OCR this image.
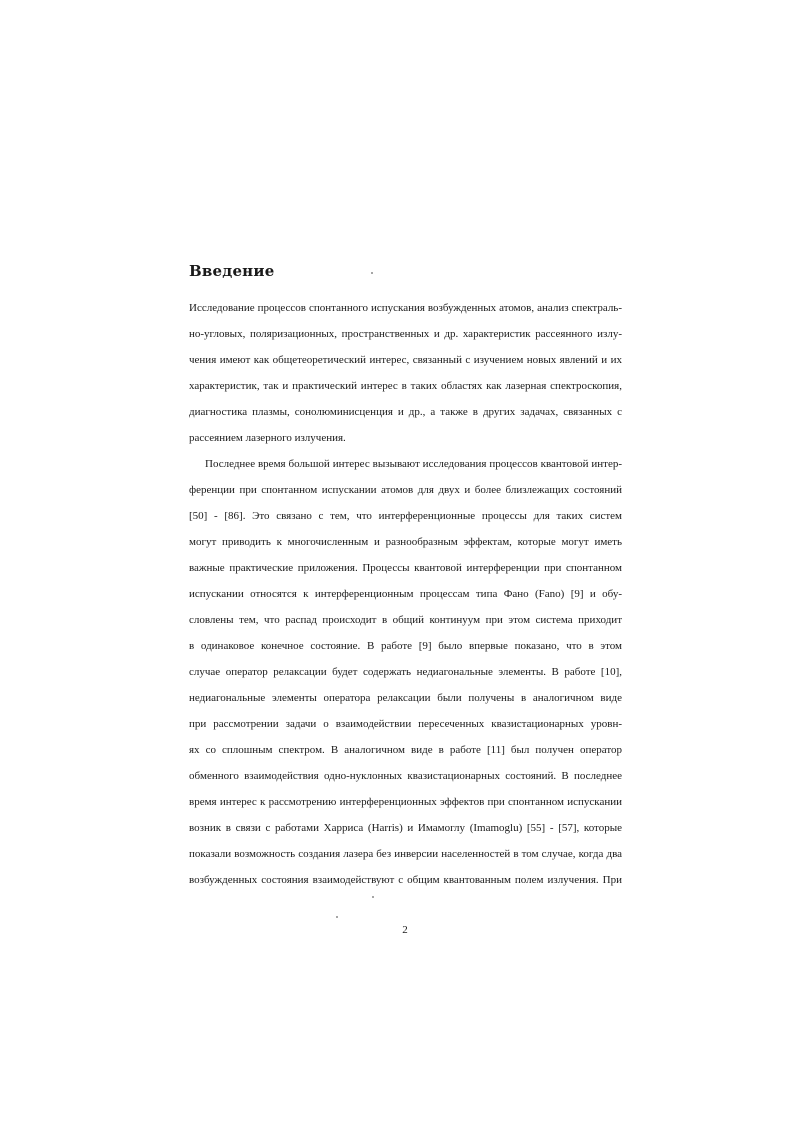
Введение
Исследование процессов спонтанного испускания возбужденных атомов, анализ спектраль-
но-угловых, поляризационных, пространственных и др. характеристик рассеянного излу-
чения имеют как общетеоретический интерес, связанный с изучением новых явлений и их
характеристик, так и практический интерес в таких областях как лазерная спектроскопия,
диагностика плазмы, сонолюминисценция и др., а также в других задачах, связанных с
рассеянием лазерного излучения.
Последнее время большой интерес вызывают исследования процессов квантовой интер-
ференции при спонтанном испускании атомов для двух и более близлежащих состояний
[50] - [86]. Это связано с тем, что интерференционные процессы для таких систем
могут приводить к многочисленным и разнообразным эффектам, которые могут иметь
важные практические приложения. Процессы квантовой интерференции при спонтанном
испускании относятся к интерференционным процессам типа Фано (Fano) [9] и обу-
словлены тем, что распад происходит в общий континуум при этом система приходит
в одинаковое конечное состояние. В работе [9] было впервые показано, что в этом
случае оператор релаксации будет содержать недиагональные элементы. В работе [10],
недиагональные элементы оператора релаксации были получены в аналогичном виде
при рассмотрении задачи о взаимодействии пересеченных квазистационарных уровн-
ях со сплошным спектром. В аналогичном виде в работе [11] был получен оператор
обменного взаимодействия одно-нуклонных квазистационарных состояний. В последнее
время интерес к рассмотрению интерференционных эффектов при спонтанном испускании
возник в связи с работами Харриса (Harris) и Имамоглу (Imamoglu) [55] - [57], которые
показали возможность создания лазера без инверсии населенностей в том случае, когда два
возбужденных состояния взаимодействуют с общим квантованным полем излучения. При
2
